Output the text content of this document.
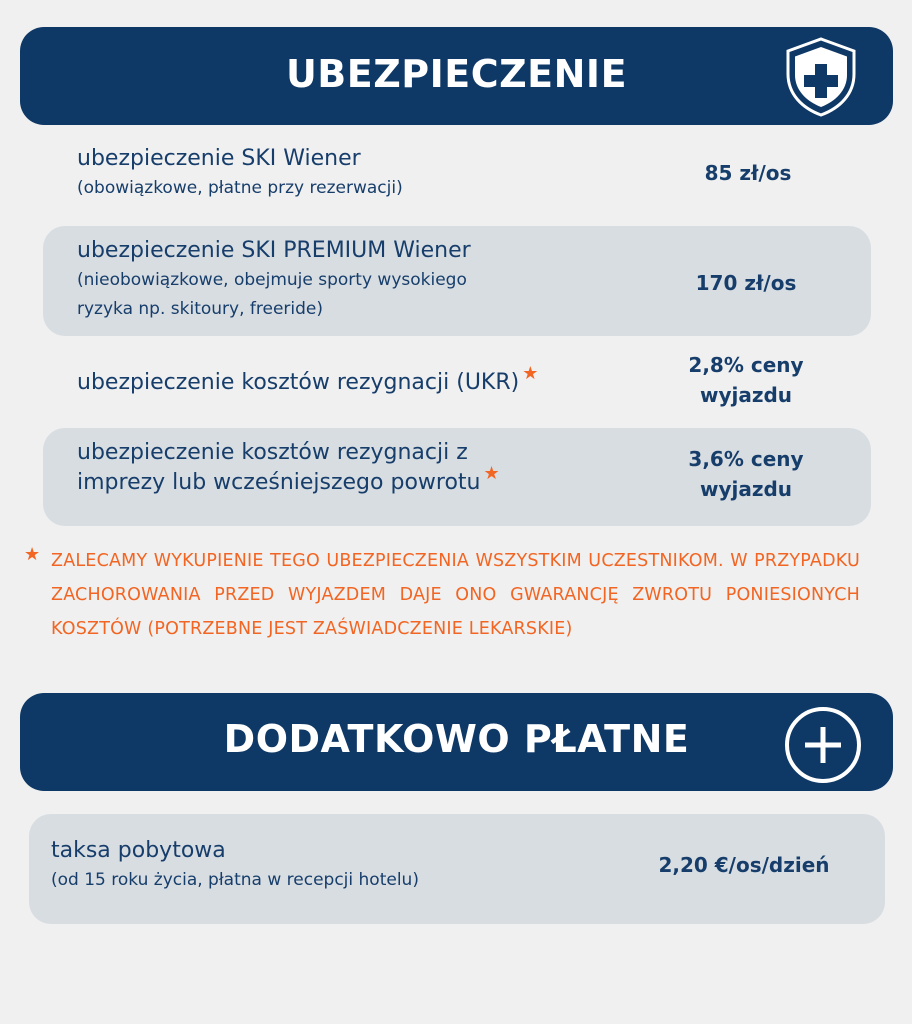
UBEZPIECZENIE
ubezpieczenie SKI Wiener
(obowiązkowe, płatne przy rezerwacji)
85 zł/os
ubezpieczenie SKI PREMIUM Wiener
(nieobowiązkowe, obejmuje sporty wysokiego
ryzyka np. skitoury, freeride)
170 zł/os
ubezpieczenie kosztów rezygnacji (UKR) ★	2,8% ceny
wyjazdu
ubezpieczenie kosztów rezygnacji z
imprezy lub wcześniejszego powrotu ★
3,6% ceny
wyjazdu
★ ZALECAMY WYKUPIENIE TEGO UBEZPIECZENIA WSZYSTKIM UCZESTNIKOM. W PRZYPADKU ZACHOROWANIA PRZED WYJAZDEM DAJE ONO GWARANCJĘ ZWROTU PONIESIONYCH KOSZTÓW (POTRZEBNE JEST ZAŚWIADCZENIE LEKARSKIE)
DODATKOWO PŁATNE
taksa pobytowa
(od 15 roku życia, płatna w recepcji hotelu)
2,20 €/os/dzień
